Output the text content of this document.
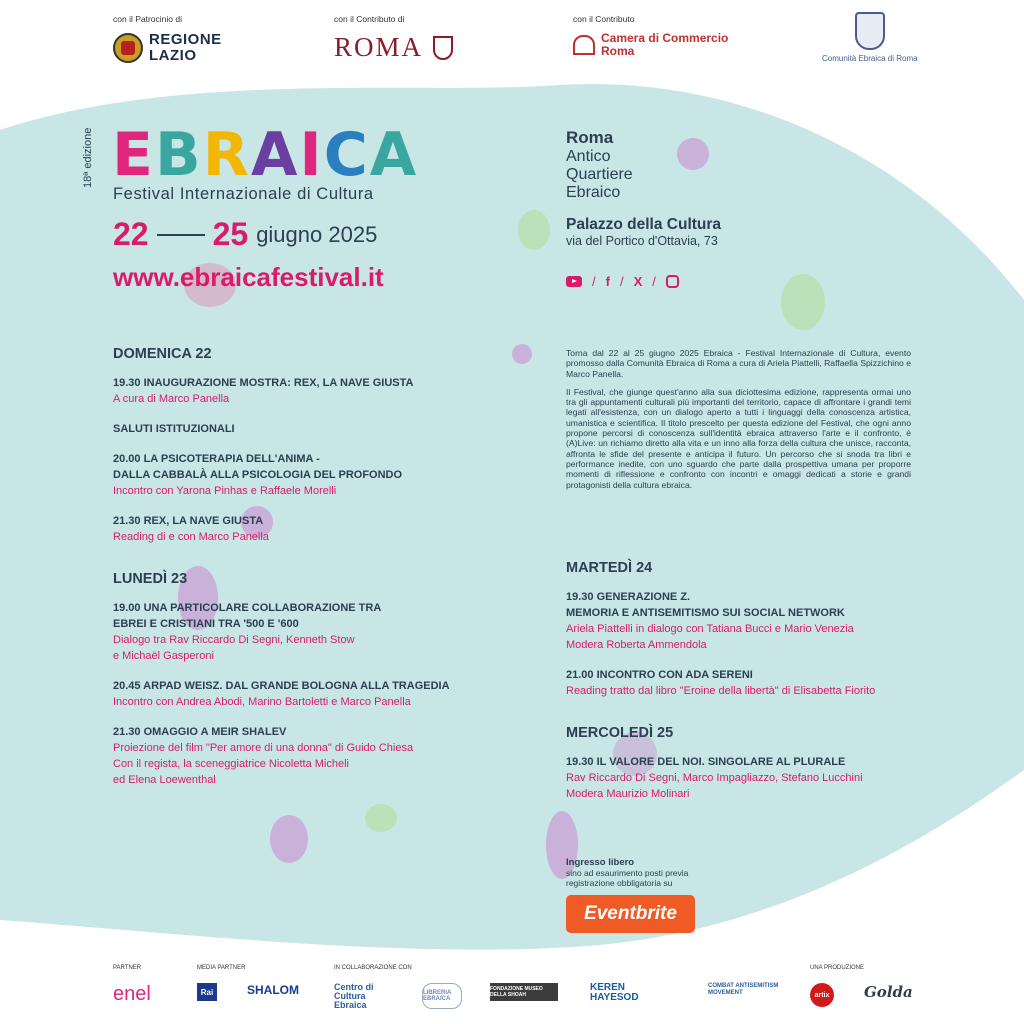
con il Patrocinio di
REGIONE
LAZIO
con il Contributo di
ROMA
con il Contributo
Camera di Commercio
Roma
Comunità Ebraica di Roma
18ª edizione EBRAICA
Festival Internazionale di Cultura
22 25 giugno 2025
www.ebraicafestival.it
Roma
Antico
Quartiere
Ebraico
Palazzo della Cultura
via del Portico d'Ottavia, 73
/ f / X /

Torna dal 22 al 25 giugno 2025 Ebraica - Festival Internazionale di Cultura, evento promosso dalla Comunità Ebraica di Roma a cura di Ariela Piattelli, Raffaella Spizzichino e Marco Panella.

Il Festival, che giunge quest'anno alla sua diciottesima edizione, rappresenta ormai uno tra gli appuntamenti culturali più importanti del territorio, capace di affrontare i grandi temi legati all'esistenza, con un dialogo aperto a tutti i linguaggi della conoscenza artistica, umanistica e scientifica. Il titolo prescelto per questa edizione del Festival, che ogni anno propone percorsi di conoscenza sull'identità ebraica attraverso l'arte e il confronto, è (A)Live: un richiamo diretto alla vita e un inno alla forza della cultura che unisce, racconta, affronta le sfide del presente e anticipa il futuro. Un percorso che si snoda tra libri e performance inedite, con uno sguardo che parte dalla prospettiva umana per proporre momenti di riflessione e confronto con incontri e omaggi dedicati a storie e grandi protagonisti della cultura ebraica.

DOMENICA 22
19.30 INAUGURAZIONE MOSTRA: REX, LA NAVE GIUSTA
A cura di Marco Panella
SALUTI ISTITUZIONALI
20.00 LA PSICOTERAPIA DELL'ANIMA -
DALLA CABBALÀ ALLA PSICOLOGIA DEL PROFONDO
Incontro con Yarona Pinhas e Raffaele Morelli
21.30 REX, LA NAVE GIUSTA
Reading di e con Marco Panella
LUNEDÌ 23
19.00 UNA PARTICOLARE COLLABORAZIONE TRA
EBREI E CRISTIANI TRA '500 E '600
Dialogo tra Rav Riccardo Di Segni, Kenneth Stow
e Michaël Gasperoni
20.45 ARPAD WEISZ. DAL GRANDE BOLOGNA ALLA TRAGEDIA
Incontro con Andrea Abodi, Marino Bartoletti e Marco Panella
21.30 OMAGGIO A MEIR SHALEV
Proiezione del film "Per amore di una donna" di Guido Chiesa
Con il regista, la sceneggiatrice Nicoletta Micheli
ed Elena Loewenthal
MARTEDÌ 24
19.30 GENERAZIONE Z.
MEMORIA E ANTISEMITISMO SUI SOCIAL NETWORK
Ariela Piattelli in dialogo con Tatiana Bucci e Mario Venezia
Modera Roberta Ammendola
21.00 INCONTRO CON ADA SERENI
Reading tratto dal libro "Eroine della libertà" di Elisabetta Fiorito
MERCOLEDÌ 25
19.30 IL VALORE DEL NOI. SINGOLARE AL PLURALE
Rav Riccardo Di Segni, Marco Impagliazzo, Stefano Lucchini
Modera Maurizio Molinari
Ingresso libero
sino ad esaurimento posti previa
registrazione obbligatoria su
Eventbrite
PARTNER	MEDIA PARTNER	IN COLLABORAZIONE CON	UNA PRODUZIONE
enel	Rai	SHALOM	Centro di Cultura Ebraica
LIBRERIA EBRAICA
FONDAZIONE MUSEO DELLA SHOAH
KEREN HAYESOD
COMBAT ANTISEMITISM MOVEMENT	artix	Golda
